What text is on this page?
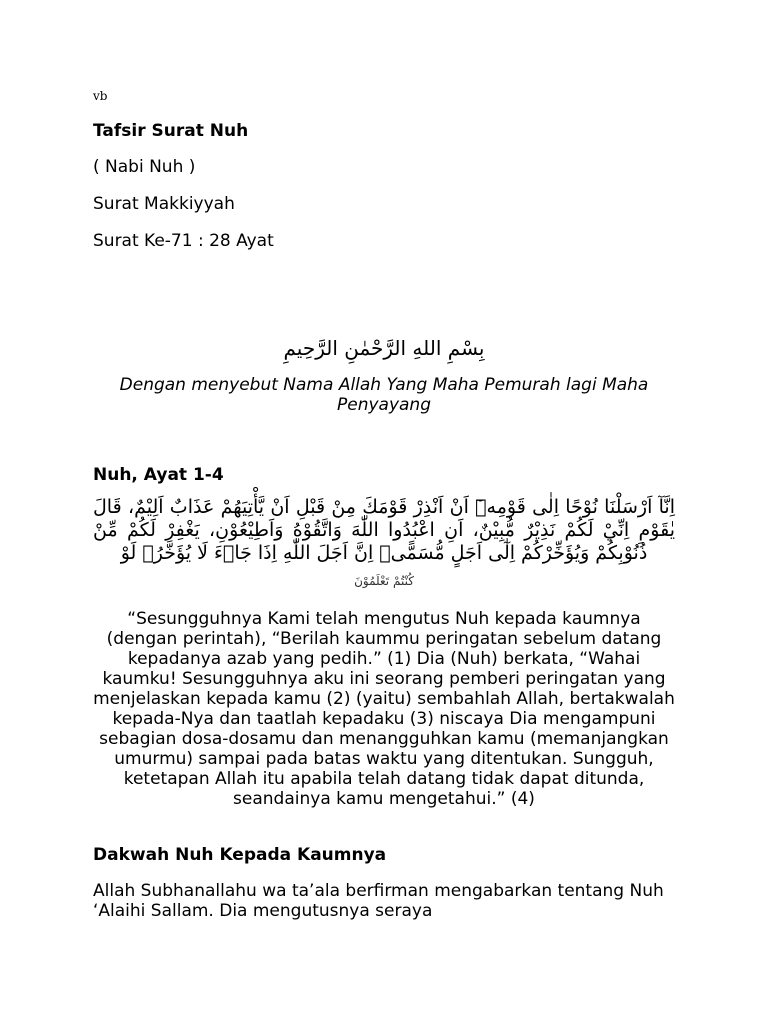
vb
Tafsir Surat Nuh
( Nabi Nuh )
Surat Makkiyyah
Surat Ke-71 : 28 Ayat
بِسْمِ اللهِ الرَّحْمٰنِ الرَّحِيمِ
Dengan menyebut Nama Allah Yang Maha Pemurah lagi Maha Penyayang
Nuh, Ayat 1-4
اِنَّآ اَرْسَلْنَا نُوْحًا اِلٰى قَوْمِهٖٓ اَنْ اَنْذِرْ قَوْمَكَ مِنْ قَبْلِ اَنْ يَّأْتِيَهُمْ عَذَابٌ اَلِيْمٌ، قَالَ يٰقَوْمِ اِنِّيْ لَكُمْ نَذِيْرٌ مُّبِيْنٌ، اَنِ اعْبُدُوا اللّٰهَ وَاتَّقُوْهُ وَاَطِيْعُوْنِ، يَغْفِرْ لَكُمْ مِّنْ ذُنُوْبِكُمْ وَيُؤَخِّرْكُمْ اِلٰٓى اَجَلٍ مُّسَمًّىۗ اِنَّ اَجَلَ اللّٰهِ اِذَا جَاۤءَ لَا يُؤَخَّرُۘ لَوْ
كُنْتُمْ تَعْلَمُوْنَ
“Sesungguhnya Kami telah mengutus Nuh kepada kaumnya (dengan perintah), “Berilah kaummu peringatan sebelum datang kepadanya azab yang pedih.” (1) Dia (Nuh) berkata, “Wahai kaumku! Sesungguhnya aku ini seorang pemberi peringatan yang menjelaskan kepada kamu (2) (yaitu) sembahlah Allah, bertakwalah kepada-Nya dan taatlah kepadaku (3) niscaya Dia mengampuni sebagian dosa-dosamu dan menangguhkan kamu (memanjangkan umurmu) sampai pada batas waktu yang ditentukan. Sungguh, ketetapan Allah itu apabila telah datang tidak dapat ditunda, seandainya kamu mengetahui.” (4)
Dakwah Nuh Kepada Kaumnya
Allah Subhanallahu wa ta’ala berfirman mengabarkan tentang Nuh ‘Alaihi Sallam. Dia mengutusnya seraya
